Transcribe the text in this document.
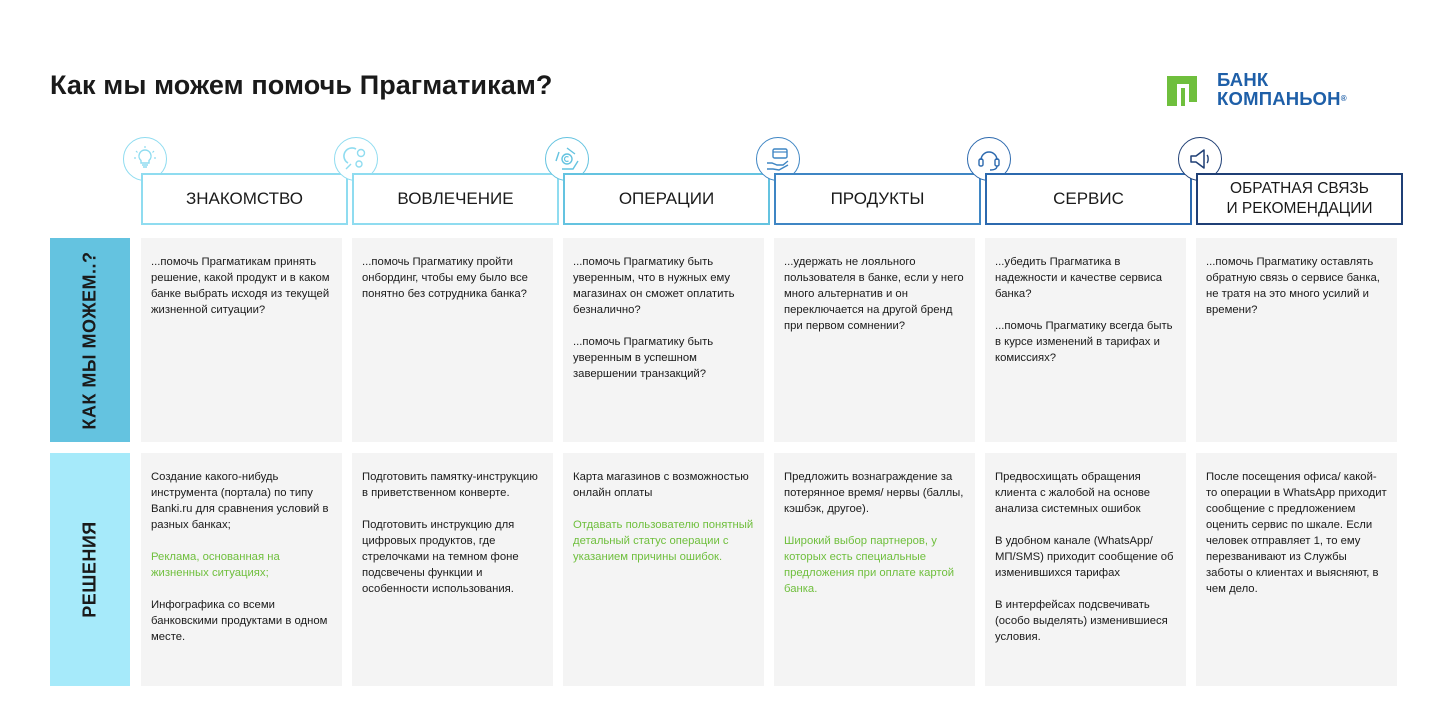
Как мы можем помочь Прагматикам?	БАНК
КОМПАНЬОН®
КАК МЫ МОЖЕМ..?
РЕШЕНИЯ
ЗНАКОМСТВО

...помочь Прагматикам принять решение, какой продукт и в каком банке выбрать исходя из текущей жизненной ситуации?

Создание какого-нибудь инструмента (портала) по типу Banki.ru для сравнения условий в разных банках;

Реклама, основанная на жизненных ситуациях;

Инфографика со всеми банковскими продуктами в одном месте.

ВОВЛЕЧЕНИЕ

...помочь Прагматику пройти онбординг, чтобы ему было все понятно без сотрудника банка?

Подготовить памятку-инструкцию в приветственном конверте.

Подготовить инструкцию для цифровых продуктов, где стрелочками на темном фоне подсвечены функции и особенности использования.

ОПЕРАЦИИ

...помочь Прагматику быть уверенным, что в нужных ему магазинах он сможет оплатить безналично?

...помочь Прагматику быть уверенным в успешном завершении транзакций?

Карта магазинов с возможностью онлайн оплаты

Отдавать пользователю понятный детальный статус операции с указанием причины ошибок.

ПРОДУКТЫ

...удержать не лояльного пользователя в банке, если у него много альтернатив и он переключается на другой бренд при первом сомнении?

Предложить вознаграждение за потерянное время/ нервы (баллы, кэшбэк, другое).

Широкий выбор партнеров, у которых есть специальные предложения при оплате картой банка.

СЕРВИС

...убедить Прагматика в надежности и качестве сервиса банка?

...помочь Прагматику всегда быть в курсе изменений в тарифах и комиссиях?

Предвосхищать обращения клиента с жалобой на основе анализа системных ошибок

В удобном канале (WhatsApp/ МП/SMS) приходит сообщение об изменившихся тарифах

В интерфейсах подсвечивать (особо выделять) изменившиеся условия.

ОБРАТНАЯ СВЯЗЬ И РЕКОМЕНДАЦИИ

...помочь Прагматику оставлять обратную связь о сервисе банка, не тратя на это много усилий и времени?

После посещения офиса/ какой-то операции в WhatsApp приходит сообщение с предложением оценить сервис по шкале. Если человек отправляет 1, то ему перезванивают из Службы заботы о клиентах и выясняют, в чем дело.
